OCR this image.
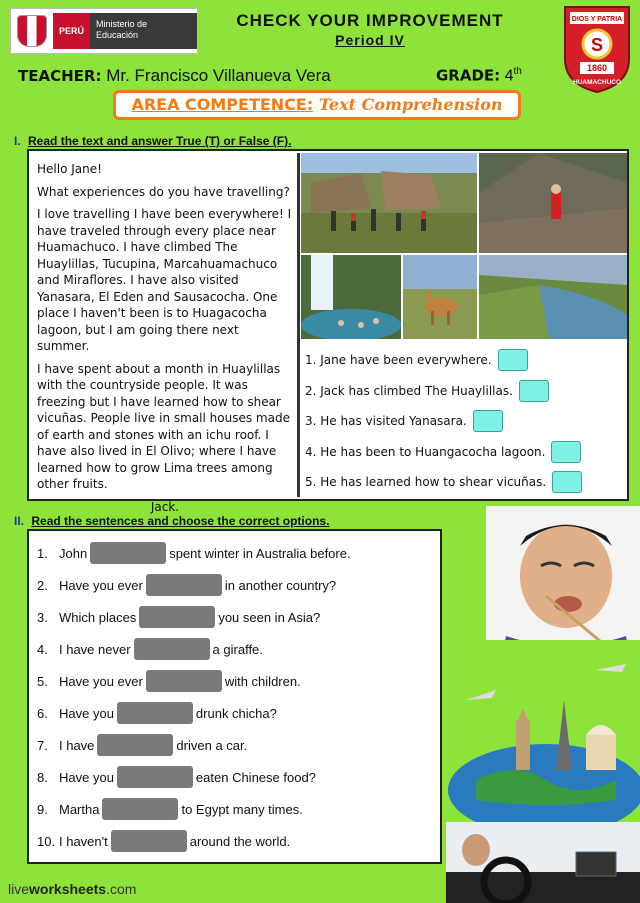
PERÚ
Ministerio de Educación
CHECK YOUR IMPROVEMENT
Period IV
DIOS Y PATRIA
S
1860
HUAMACHUCO
TEACHER: Mr. Francisco Villanueva Vera	GRADE: 4th
AREA COMPETENCE: Text Comprehension
I. Read the text and answer True (T) or False (F).

Hello Jane!

What experiences do you have travelling?

I love travelling I have been everywhere! I have traveled through every place near Huamachuco. I have climbed The Huaylillas, Tucupina, Marcahuamachuco and Miraflores. I have also visited Yanasara, El Eden and Sausacocha. One place I haven't been is to Huagacocha lagoon, but I am going there next summer.

I have spent about a month in Huaylillas with the countryside people. It was freezing but I have learned how to shear vicuñas. People live in small houses made of earth and stones with an ichu roof. I have also lived in El Olivo; where I have learned how to grow Lima trees among other fruits.

Jack.

1. Jane have been everywhere.
2. Jack has climbed The Huaylillas.
3. He has visited Yanasara.
4. He has been to Huangacocha lagoon.
5. He has learned how to shear vicuñas.
II. Read the sentences and choose the correct options.
1. John	spent winter in Australia before.
2. Have you ever	in another country?
3. Which places	you seen in Asia?
4. I have never	a giraffe.
5. Have you ever	with children.
6. Have you	drunk chicha?
7. I have	driven a car.
8. Have you	eaten Chinese food?
9. Martha	to Egypt many times.
10. I haven't	around the world.
liveworksheets.com
